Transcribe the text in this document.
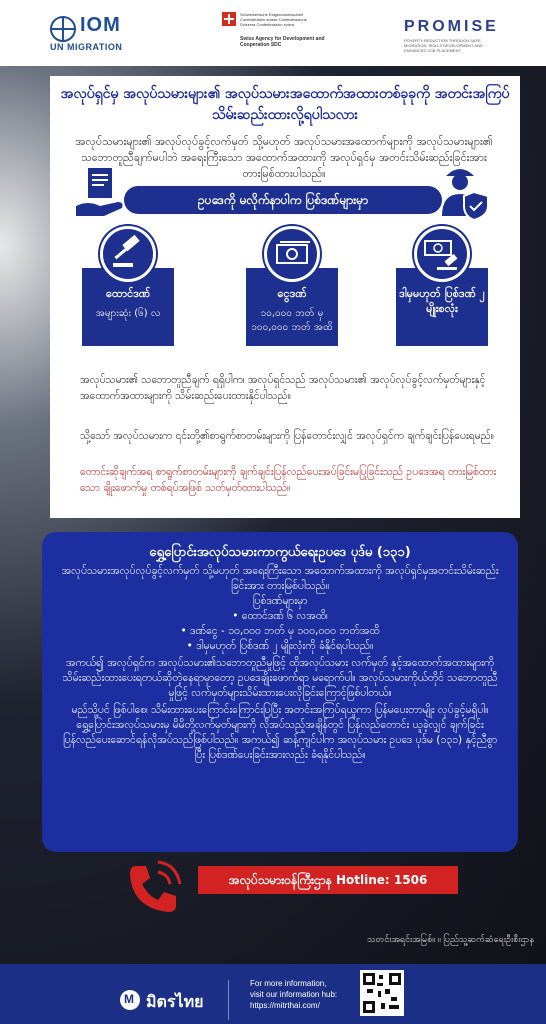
IOM
UN MIGRATION
Schweizerische Eidgenossenschaft Confédération suisse Confederazione Svizzera Confederaziun svizra
Swiss Agency for Development and Cooperation SDC
PROMISE
POVERTY REDUCTION THROUGH SAFE MIGRATION, SKILLS DEVELOPMENT AND ENHANCED JOB PLACEMENT
အလုပ်ရှင်မှ အလုပ်သမားများ၏ အလုပ်သမားအထောက်အထားတစ်ခုခုကို အတင်းအကြပ်သိမ်းဆည်းထားလို့ရပါသလား
အလုပ်သမားများ၏ အလုပ်လုပ်ခွင့်လက်မှတ် သို့မဟုတ် အလုပ်သမားအထောက်များကို အလုပ်သမားများ၏ သဘောတူညီချက်မပါဘဲ အရေးကြီးသော အထောက်အထားကို အလုပ်ရှင်မှ အတင်းသိမ်းဆည်းခြင်းအား တားမြစ်ထားပါသည်။
ဥပဒေကို မလိုက်နာပါက ပြစ်ဒဏ်များမှာ
ထောင်ဒဏ်
အများဆုံး (၆) လ
ငွေဒဏ်
၁၀,၀၀၀ ဘတ် မှ ၁၀၀,၀၀၀ ဘတ် အထိ
ဒါမှမဟုတ် ပြစ်ဒဏ် ၂ မျိုးစလုံး
အလုပ်သမား၏ သဘောတူညီချက် ရရှိပါက၊ အလုပ်ရှင်သည် အလုပ်သမား၏ အလုပ်လုပ်ခွင့်လက်မှတ်များနှင့် အထောက်အထားများကို သိမ်းဆည်းပေးထားနိုင်ပါသည်။
သို့သော် အလုပ်သမားက ၎င်းတို့၏စာရွက်စာတမ်းများကို ပြန်တောင်းလျှင် အလုပ်ရှင်က ချက်ချင်းပြန်ပေးရမည်။
တောင်းဆိုချက်အရ စာရွက်စာတမ်းများကို ချက်ချင်းပြန်လည်ပေးအပ်ခြင်းမပြုခြင်းသည် ဥပဒေအရ တားမြစ်ထားသော ချိုးဖောက်မှု တစ်ရပ်အဖြစ် သတ်မှတ်ထားပါသည်။
ရွှေ့ပြောင်းအလုပ်သမားကာကွယ်ရေးဥပဒေ ပုဒ်မ (၁၃၁)
အလုပ်သမားအလုပ်လုပ်ခွင့်လက်မှတ် သို့မဟုတ် အရေးကြီးသော အထောက်အထားကို အလုပ်ရှင်မှအတင်းသိမ်းဆည်းခြင်းအား တားမြစ်ပါသည်။
ပြစ်ဒဏ်များမှာ
• ထောင်ဒဏ် ၆ လအထိ၊
• ဒဏ်ငွေ - ၁၀,၀၀၀ ဘတ် မှ ၁၀၀,၀၀၀ ဘတ်အထိ
• ဒါမှမဟုတ် ပြစ်ဒဏ် ၂ မျိုးလုံးကို ခံနိုင်ရပါသည်။
အကယ်၍ အလုပ်ရှင်က အလုပ်သမား၏သဘောတူညီမှုဖြင့် ထိုအလုပ်သမား လက်မှတ် နှင့်အထောက်အထားများကို သိမ်းဆည်းထားပေးရတယ်ဆိုတဲ့နေရာမှာတော့ ဥပဒေချိုးဖောက်ရာ မရောက်ပါ။ အလုပ်သမားကိုယ်တိုင် သဘောတူညီမှုဖြင့် လက်မှတ်များသိမ်းထားပေးလိုခြင်းကြောင့်ဖြစ်ပါတယ်။
မည်သို့ပင် ဖြစ်ပါစေ၊ သိမ်းထားပေးကြောင်းကြောင်းပြပြီး အတင်းအကြပ်ရယူကာ ပြန်မပေးတာမျိုး လုပ်ခွင့်မရှိပါ။ ရွှေ့ပြောင်းအလုပ်သမားမှ မိမိတို့လက်မှတ်များကို လိုအပ်သည့်အချိန်တွင် ပြန်လည်တောင်း ယူခဲ့လျှင် ချက်ခြင်းပြန်လည်ပေးဆောင်ရန်လိုအပ်သည်ဖြစ်ပါသည်။ အကယ်၍ ဆန့်ကျင်ပါက အလုပ်သမား ဥပဒေ ပုဒ်မ (၁၃၁) နှင့်ညီစွာပြီး ပြစ်ဒဏ်ပေးခြင်းအားလည်း ခံရနိုင်ပါသည်။
အလုပ်သမားဝန်ကြီးဌာန Hotline: 1506
သတင်းအရင်းအမြစ်။ ။ ပြည်သူ့ဆက်ဆံရေးဦးစီးဌာန
M
มิตรไทย
For more information,
visit our information hub:
https://mitrthai.com/
